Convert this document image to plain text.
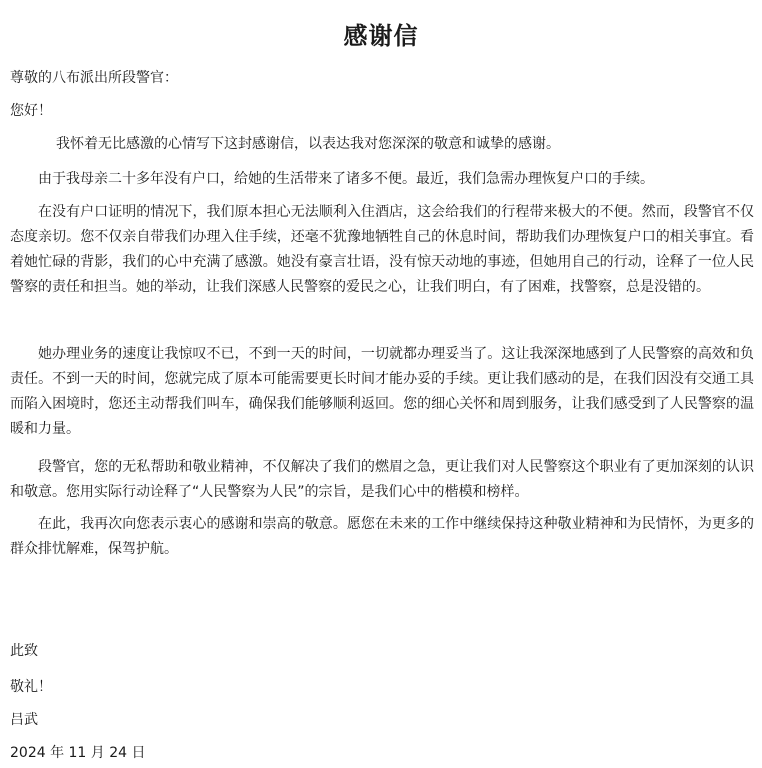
感谢信
尊敬的八布派出所段警官：
您好！
我怀着无比感激的心情写下这封感谢信，以表达我对您深深的敬意和诚挚的感谢。
由于我母亲二十多年没有户口，给她的生活带来了诸多不便。最近，我们急需办理恢复户口的手续。
在没有户口证明的情况下，我们原本担心无法顺利入住酒店，这会给我们的行程带来极大的不便。然而，段警官不仅态度亲切。您不仅亲自带我们办理入住手续，还毫不犹豫地牺牲自己的休息时间，帮助我们办理恢复户口的相关事宜。看着她忙碌的背影，我们的心中充满了感激。她没有豪言壮语，没有惊天动地的事迹，但她用自己的行动，诠释了一位人民警察的责任和担当。她的举动，让我们深感人民警察的爱民之心，让我们明白，有了困难，找警察，总是没错的。
她办理业务的速度让我惊叹不已，不到一天的时间，一切就都办理妥当了。这让我深深地感到了人民警察的高效和负责任。不到一天的时间，您就完成了原本可能需要更长时间才能办妥的手续。更让我们感动的是，在我们因没有交通工具而陷入困境时，您还主动帮我们叫车，确保我们能够顺利返回。您的细心关怀和周到服务，让我们感受到了人民警察的温暖和力量。
段警官，您的无私帮助和敬业精神，不仅解决了我们的燃眉之急，更让我们对人民警察这个职业有了更加深刻的认识和敬意。您用实际行动诠释了“人民警察为人民”的宗旨，是我们心中的楷模和榜样。
在此，我再次向您表示衷心的感谢和崇高的敬意。愿您在未来的工作中继续保持这种敬业精神和为民情怀，为更多的群众排忧解难，保驾护航。
此致
敬礼！
吕武
2024 年 11 月 24 日
